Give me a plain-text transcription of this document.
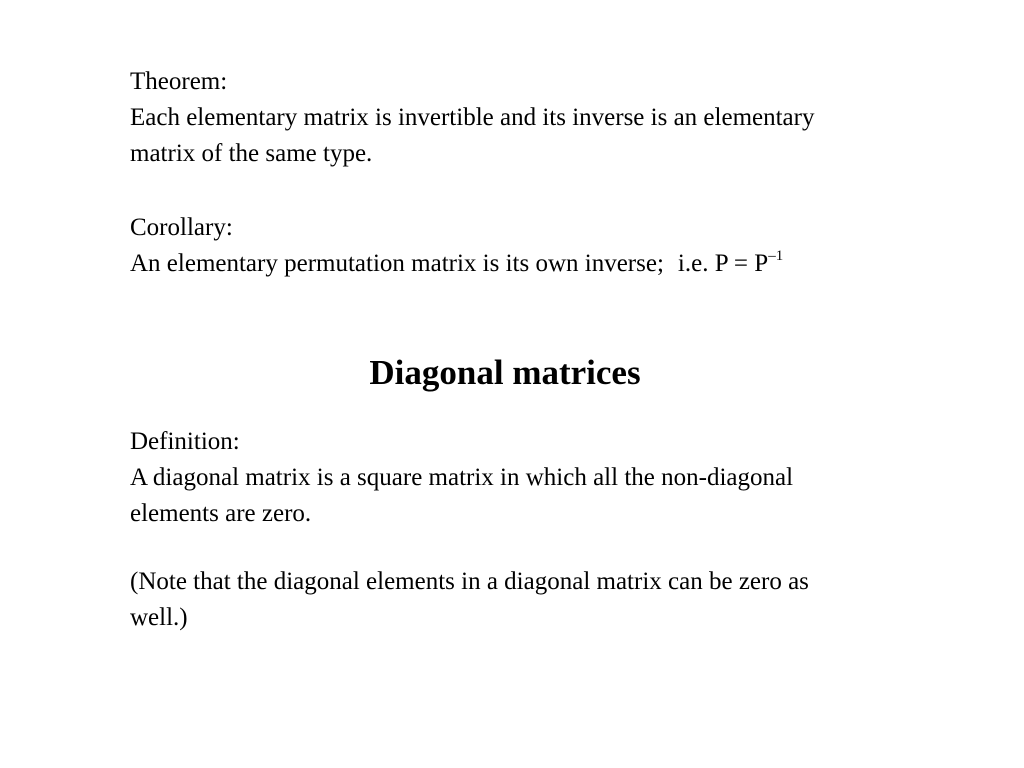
Theorem:
Each elementary matrix is invertible and its inverse is an elementary
matrix of the same type.
Corollary:
An elementary permutation matrix is its own inverse; i.e. $P = P^{-1}$
Diagonal matrices
Definition:
A diagonal matrix is a square matrix in which all the non-diagonal
elements are zero.
(Note that the diagonal elements in a diagonal matrix can be zero as
well.)
